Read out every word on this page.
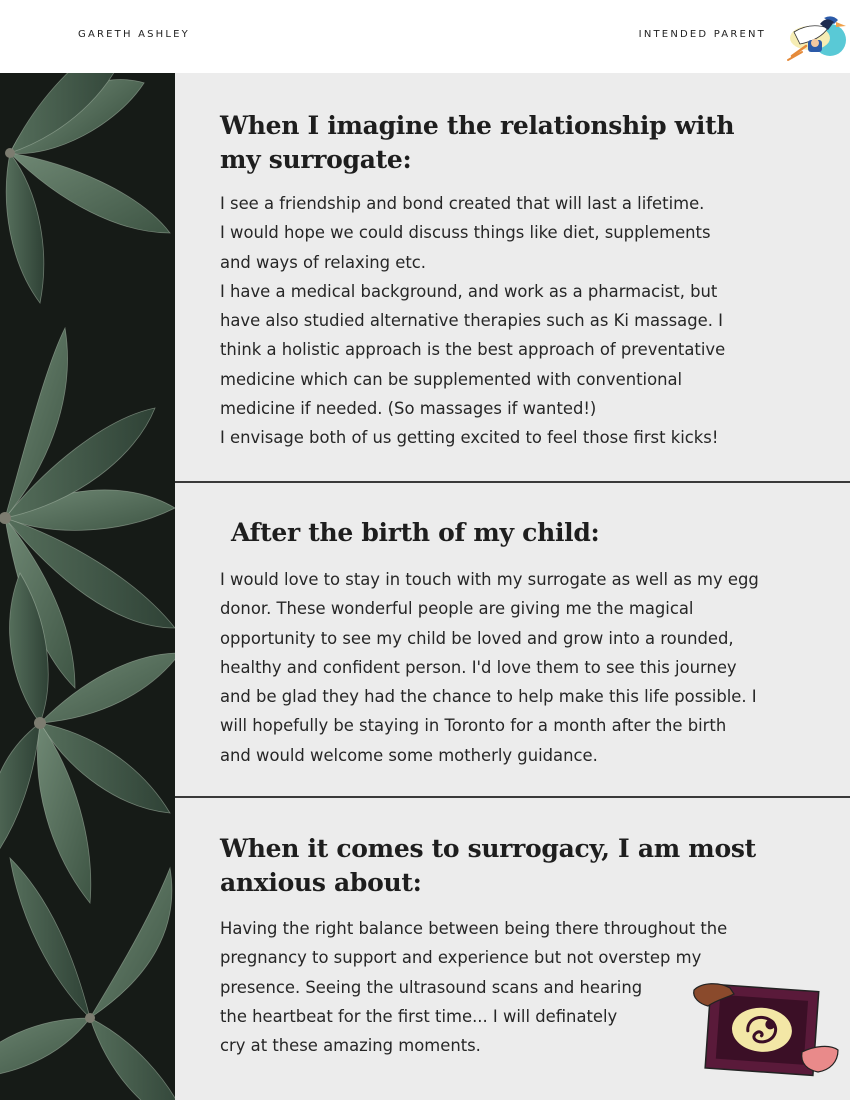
GARETH ASHLEY	INTENDED PARENT
When I imagine the relationship with my surrogate:

I see a friendship and bond created that will last a lifetime.
I would hope we could discuss things like diet, supplements
and ways of relaxing etc.
I have a medical background, and work as a pharmacist, but
have also studied alternative therapies such as Ki massage. I
think a holistic approach is the best approach of preventative
medicine which can be supplemented with conventional
medicine if needed. (So massages if wanted!)
I envisage both of us getting excited to feel those first kicks!

After the birth of my child:

I would love to stay in touch with my surrogate as well as my egg
donor. These wonderful people are giving me the magical
opportunity to see my child be loved and grow into a rounded,
healthy and confident person. I'd love them to see this journey
and be glad they had the chance to help make this life possible. I
will hopefully be staying in Toronto for a month after the birth
and would welcome some motherly guidance.

When it comes to surrogacy, I am most anxious about:

Having the right balance between being there throughout the
pregnancy to support and experience but not overstep my
presence. Seeing the ultrasound scans and hearing
the heartbeat for the first time... I will definately
cry at these amazing moments.
